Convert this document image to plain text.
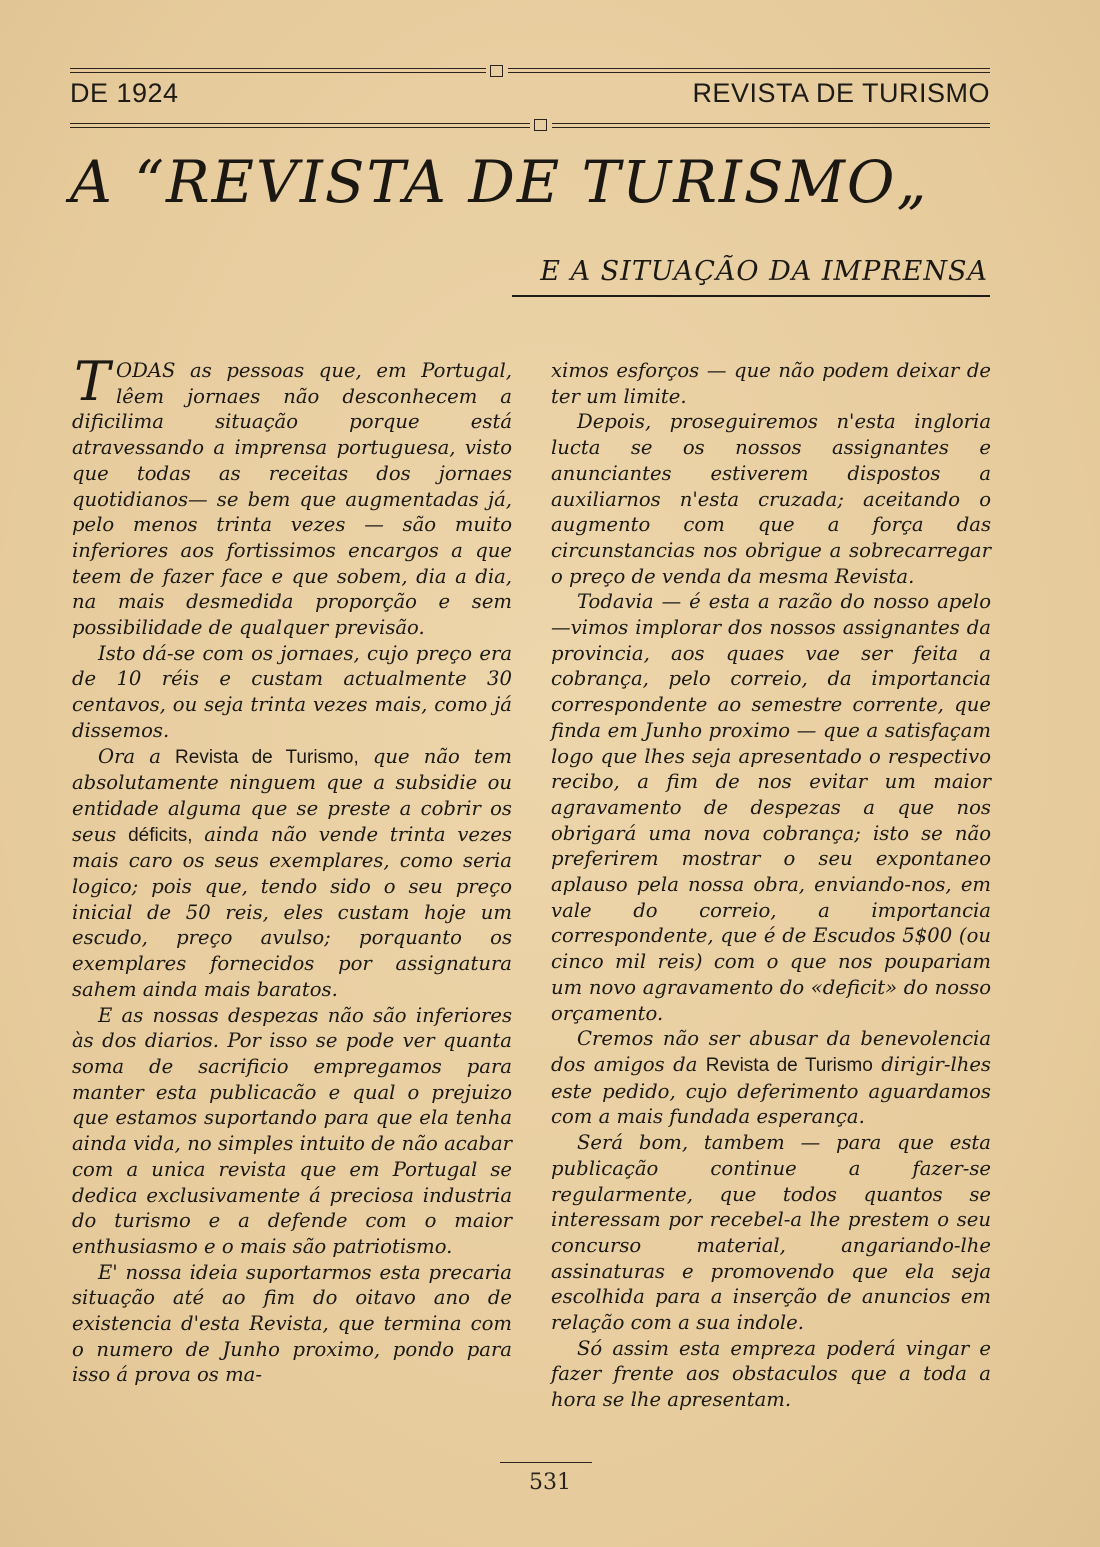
DE 1924	REVISTA DE TURISMO
A “REVISTA DE TURISMO„
E A SITUAÇÃO DA IMPRENSA

TODAS as pessoas que, em Portugal, lêem jornaes não desconhecem a dificilima situação porque está atravessando a imprensa portuguesa, visto que todas as receitas dos jornaes quotidianos— se bem que augmentadas já, pelo menos trinta vezes — são muito inferiores aos fortissimos encargos a que teem de fazer face e que sobem, dia a dia, na mais desmedida proporção e sem possibilidade de qualquer previsão.

Isto dá-se com os jornaes, cujo preço era de 10 réis e custam actualmente 30 centavos, ou seja trinta vezes mais, como já dissemos.

Ora a Revista de Turismo, que não tem absolutamente ninguem que a subsidie ou entidade alguma que se preste a cobrir os seus déficits, ainda não vende trinta vezes mais caro os seus exemplares, como seria logico; pois que, tendo sido o seu preço inicial de 50 reis, eles custam hoje um escudo, preço avulso; porquanto os exemplares fornecidos por assignatura sahem ainda mais baratos.

E as nossas despezas não são inferiores às dos diarios. Por isso se pode ver quanta soma de sacrificio empregamos para manter esta publicacão e qual o prejuizo que estamos suportando para que ela tenha ainda vida, no simples intuito de não acabar com a unica revista que em Portugal se dedica exclusivamente á preciosa industria do turismo e a defende com o maior enthusiasmo e o mais são patriotismo.

E' nossa ideia suportarmos esta precaria situação até ao fim do oitavo ano de existencia d'esta Revista, que termina com o numero de Junho proximo, pondo para isso á prova os ma-

ximos esforços — que não podem deixar de ter um limite.

Depois, proseguiremos n'esta ingloria lucta se os nossos assignantes e anunciantes estiverem dispostos a auxiliarnos n'esta cruzada; aceitando o augmento com que a força das circunstancias nos obrigue a sobrecarregar o preço de venda da mesma Revista.

Todavia — é esta a razão do nosso apelo —vimos implorar dos nossos assignantes da provincia, aos quaes vae ser feita a cobrança, pelo correio, da importancia correspondente ao semestre corrente, que finda em Junho proximo — que a satisfaçam logo que lhes seja apresentado o respectivo recibo, a fim de nos evitar um maior agravamento de despezas a que nos obrigará uma nova cobrança; isto se não preferirem mostrar o seu expontaneo aplauso pela nossa obra, enviando-nos, em vale do correio, a importancia correspondente, que é de Escudos 5$00 (ou cinco mil reis) com o que nos poupariam um novo agravamento do «deficit» do nosso orçamento.

Cremos não ser abusar da benevolencia dos amigos da Revista de Turismo dirigir-lhes este pedido, cujo deferimento aguardamos com a mais fundada esperança.

Será bom, tambem — para que esta publicação continue a fazer-se regularmente, que todos quantos se interessam por recebel-a lhe prestem o seu concurso material, angariando-lhe assinaturas e promovendo que ela seja escolhida para a inserção de anuncios em relação com a sua indole.

Só assim esta empreza poderá vingar e fazer frente aos obstaculos que a toda a hora se lhe apresentam.

531
